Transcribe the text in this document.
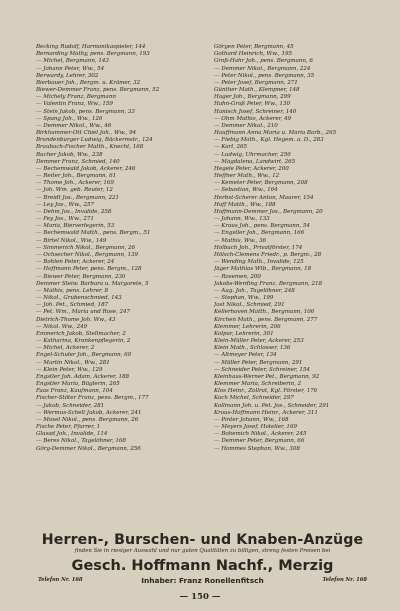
Becking Rudolf, Harmonikaspieler, 144
Bernarding Mathy, pens. Bergmann, 193
— Michel, Bergmann, 143
— Johann Peter, Ww., 54
Berwardy, Lehrer, 302
Bierbauer Joh., Bergm. u. Krämer, 32
Biewer-Demmer Franz, pens. Bergmann, 52
— Michely Franz, Bergmann
— Valentin Franz, Ww., 159
— Stein Jakob, pens. Bergmann, 33
— Spang Joh., Ww., 126
— Demmer Nikol., Ww., 46
Birkhammer-Ott Chiel Joh., Ww., 94
Brandenburger Ludwig, Bäckermstr., 124
Braubach-Fischer Matth., Knecht, 168
Bucher Jakob, Ww., 238
Demmer Franz, Schmied, 140
— Bechemwald Jakob, Ackerer, 246
— Reiter Joh., Bergmann, 61
— Thome Joh., Ackerer, 169
— Joh. Wm. geb. Reuter, 12
— Breidt Jos., Bergmann, 221
— Ley Jos., Ww., 257
— Dehm Jos., Invalide, 258
— Fey Jos., Ww., 271
— Maria, Bierverlegerin, 53
— Bechemwald Matth., pens. Bergm., 51
— Birtel Nikol., Ww., 149
— Simmerich Nikol., Bergmann, 26
— Ochsecher Nikol., Bergmann, 139
— Bohlen Peter, Ackerer, 24
— Hoffmann Peter, pens. Bergm., 128
— Biewer Peter, Bergmann, 230
Demmer Steiw. Barbara u. Margarete, 5
— Mathis, pens. Lehrer, 8
— Nikol., Grubenschmied, 143
— Joh. Pet., Schmied, 187
— Pet. Wm., Maria und Rose, 247
Dietrich-Thome Joh. Ww., 43
— Nikol. Ww., 249
Emmerich Jakob, Stellmacher, 2
— Katharina, Krankenpflegerin, 2
— Michel, Ackerer, 2
Engel-Schuler Joh., Bergmann, 69
— Martin Nikol., Ww., 281
— Klein Peter, Ww., 129
Engstler Joh. Adam, Ackerer, 188
Engstler Maria, Büglerin, 265
Faas Franz, Kaufmann, 104
Fischer-Stöter Franz, pens. Bergm., 177
— Jakob, Schneider, 281
— Wermus-Schell Jakob, Ackerer, 241
— Mosel Nikol., pens. Bergmann, 26
Fische Peter, Pfarrer, 1
Glasad Joh., Invalide, 114
— Beres Nikol., Tagelöhner, 168
Görg-Demmer Nikol., Bergmann, 256
Görgen Peter, Bergmann, 45
Gothard Heinrich, Ww., 195
Groß-Hahr Joh., pens. Bergmann, 6
— Demmer Nikol., Bergmann, 224
— Peter Nikol., pens. Bergmann, 35
— Peter Josef, Bergmann, 271
Günther Math., Klempner, 148
Hager Joh., Bergmann, 299
Hahn-Groß Peter, Ww., 130
Hanisch Josef, Schreiner, 140
— Ohm Mathis, Ackerer, 49
— Demmer Nikol., 210
Hauffmann Anna Maria u. Maria Barb., 265
— Fiebig Math., Kgl. Hegem. a. D., 283
— Karl, 265
— Ludwig, Uhrmacher, 256
— Magdalena, Landwirt, 265
Hegele Peter, Ackerer, 200
Heffner Math., Ww., 12
— Kemeter Peter, Bergmann, 208
— Sebastian, Ww., 164
Herbst-Scherer Anton, Maurer, 154
Hoff Matth., Ww., 188
Hoffmann-Demmer Jos., Bergmann, 20
— Johann, Ww., 133
— Kraus Joh., pens. Bergmann, 54
— Engstler Joh., Bergmann, 166
— Mathis, Ww., 36
Holbach Joh., Privatförster, 174
Hölsch-Clemens Friedr., p. Bergm., 28
— Wending Math., Invalide, 125
Jäger Mathias Wtb., Bergmann, 18
— Rosemen, 200
Jakobs-Werding Franz, Bergmann, 218
— Aug. Joh., Tagelöhner, 248
— Stephan, Ww., 199
Jost Nikol., Schmied, 291
Kellerhoven Matth., Bergmann, 106
Kirchen Math., pens. Bergmann, 277
Klemmer, Lehrerin, 206
Kolpar, Lehrerin, 301
Klein-Müller Peter, Ackerer, 253
Klein Math., Schlosser, 136
— Altmeyer Peter, 134
— Müller Peter, Bergmann, 291
— Schneider Peter, Schreiner, 154
Kleinhaus-Werner Pet., Bergmann, 92
Klemmer Maria, Schreiberin, 2
Klos Heinr., Zollrat, Kgl. Förster, 176
Koch Michel, Schneider, 297
Kollmann Joh. u. Pet. Jos., Schneider, 291
Kraus-Hoffmann Heinr., Ackerer, 311
— Pinter Johann, Ww., 168
— Meyers Josef, Hotelier, 169
— Bohemich Nikol., Ackerer, 245
— Demmer Peter, Bergmann, 66
— Hommes Stephan, Ww., 308
Herren-, Burschen- und Knaben-Anzüge
finden Sie in riesiger Auswahl und nur guten Qualitäten zu billigen, streng festen Preisen bei
Gesch. Hoffmann Nachf., Merzig
Telefon Nr. 168	Inhaber: Franz Ronellenfitsch	Telefon Nr. 168
— 150 —
